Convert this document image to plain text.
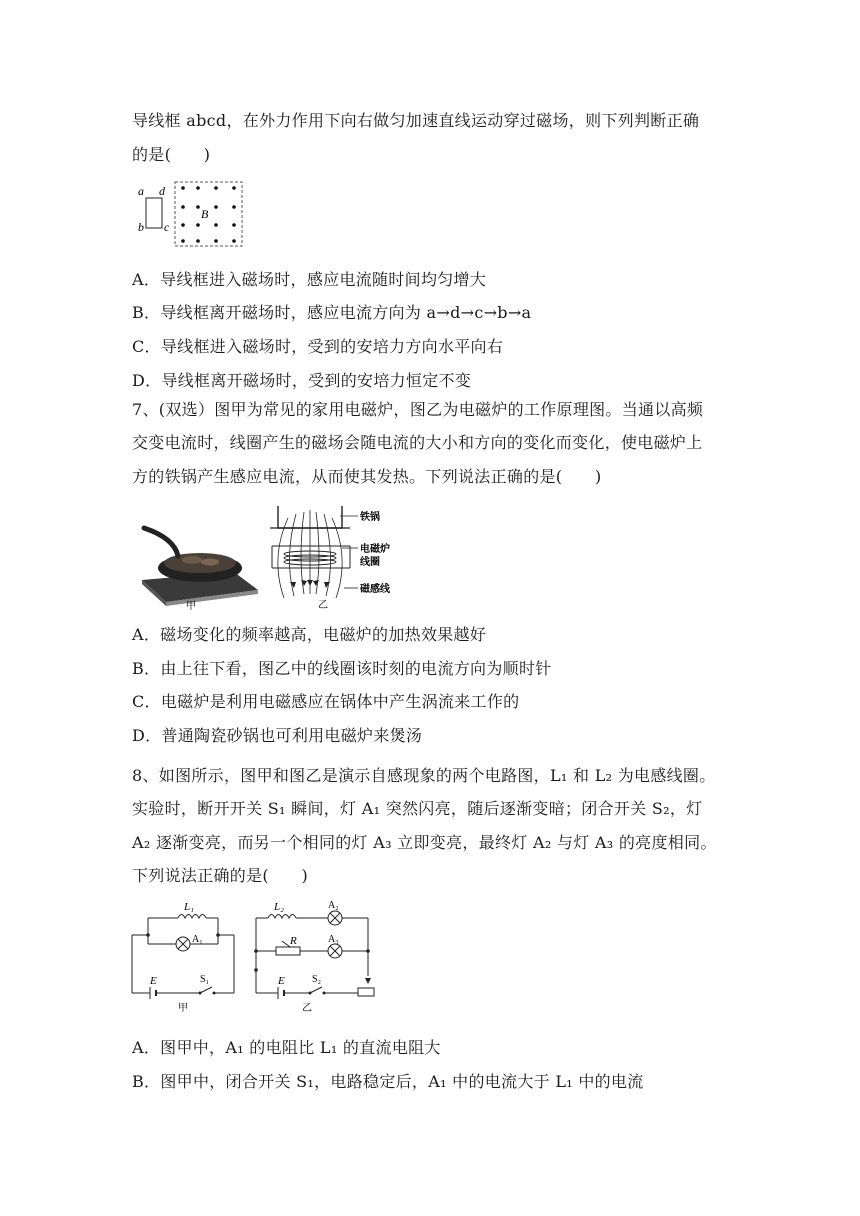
导线框 abcd，在外力作用下向右做匀加速直线运动穿过磁场，则下列判断正确
的是(　　)
a d
b c
B
A．导线框进入磁场时，感应电流随时间均匀增大
B．导线框离开磁场时，感应电流方向为 a→d→c→b→a
C．导线框进入磁场时，受到的安培力方向水平向右
D．导线框离开磁场时，受到的安培力恒定不变
7、(双选）图甲为常见的家用电磁炉，图乙为电磁炉的工作原理图。当通以高频
交变电流时，线圈产生的磁场会随电流的大小和方向的变化而变化，使电磁炉上
方的铁锅产生感应电流，从而使其发热。下列说法正确的是(　　)
甲
铁锅
电磁炉
线圈
磁感线
乙
A．磁场变化的频率越高，电磁炉的加热效果越好
B．由上往下看，图乙中的线圈该时刻的电流方向为顺时针
C．电磁炉是利用电磁感应在锅体中产生涡流来工作的
D．普通陶瓷砂锅也可利用电磁炉来煲汤
8、如图所示，图甲和图乙是演示自感现象的两个电路图，L₁ 和 L₂ 为电感线圈。
实验时，断开开关 S₁ 瞬间，灯 A₁ 突然闪亮，随后逐渐变暗；闭合开关 S₂，灯
A₂ 逐渐变亮，而另一个相同的灯 A₃ 立即变亮，最终灯 A₂ 与灯 A₃ 的亮度相同。
下列说法正确的是(　　)
L₁
A₁
E	S₁
甲
L₂	A₂
R	A₃
E	S₂
乙
A．图甲中，A₁ 的电阻比 L₁ 的直流电阻大
B．图甲中，闭合开关 S₁，电路稳定后，A₁ 中的电流大于 L₁ 中的电流
